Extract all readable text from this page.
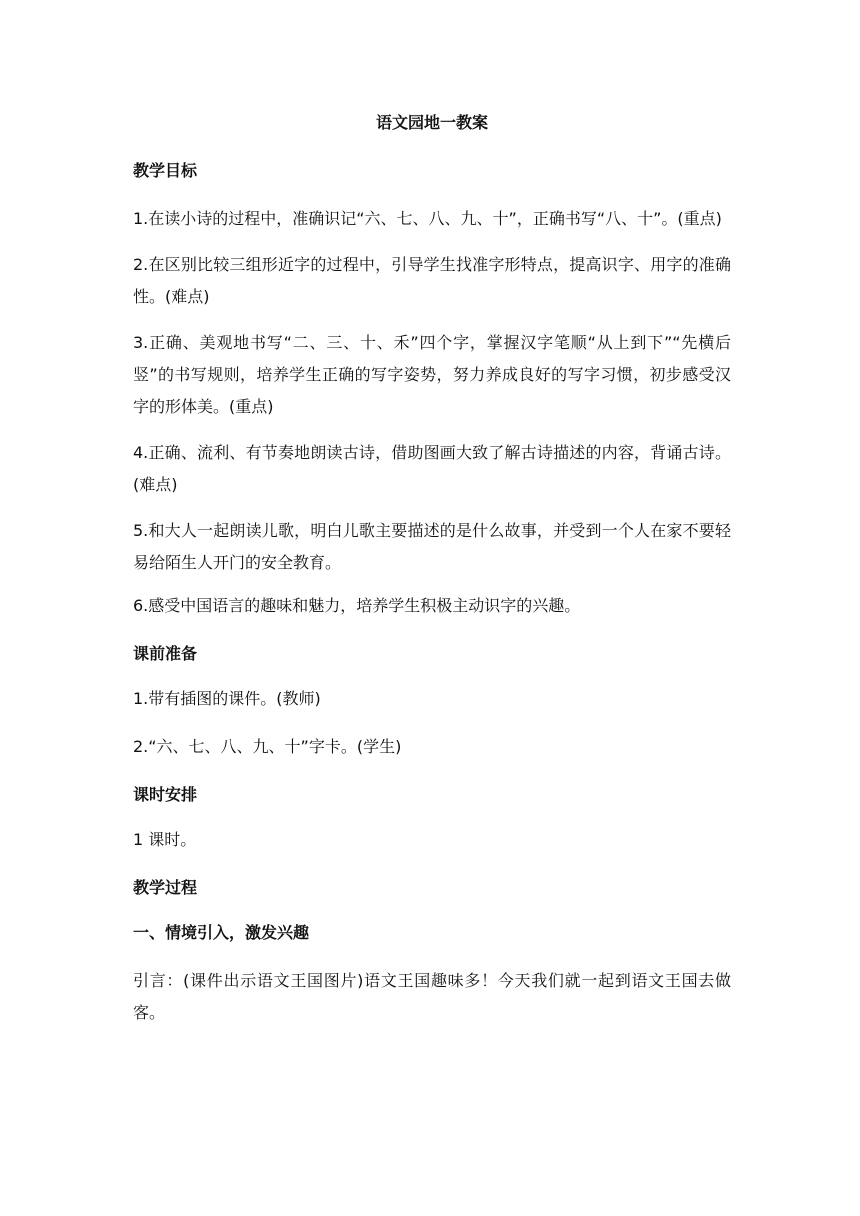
语文园地一教案
教学目标
1.在读小诗的过程中，准确识记“六、七、八、九、十”，正确书写“八、十”。(重点)
2.在区别比较三组形近字的过程中，引导学生找准字形特点，提高识字、用字的准确性。(难点)
3.正确、美观地书写“二、三、十、禾”四个字，掌握汉字笔顺“从上到下”“先横后竖”的书写规则，培养学生正确的写字姿势，努力养成良好的写字习惯，初步感受汉字的形体美。(重点)
4.正确、流利、有节奏地朗读古诗，借助图画大致了解古诗描述的内容，背诵古诗。(难点)
5.和大人一起朗读儿歌，明白儿歌主要描述的是什么故事，并受到一个人在家不要轻易给陌生人开门的安全教育。
6.感受中国语言的趣味和魅力，培养学生积极主动识字的兴趣。
课前准备
1.带有插图的课件。(教师)
2.“六、七、八、九、十”字卡。(学生)
课时安排
1 课时。
教学过程
一、情境引入，激发兴趣
引言：(课件出示语文王国图片)语文王国趣味多！今天我们就一起到语文王国去做客。
